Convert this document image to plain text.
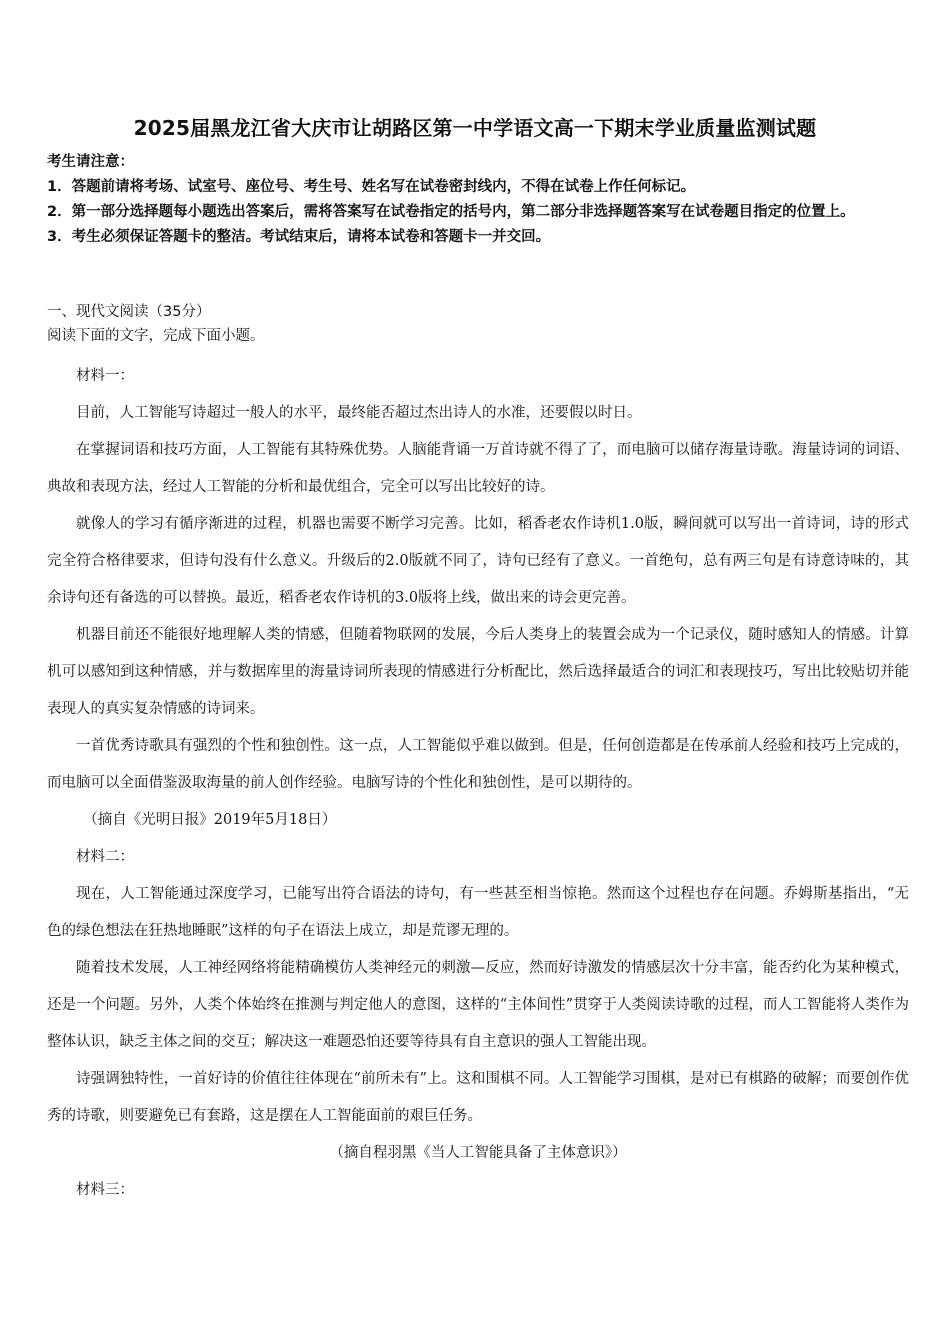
2025届黑龙江省大庆市让胡路区第一中学语文高一下期末学业质量监测试题

考生请注意：

1．答题前请将考场、试室号、座位号、考生号、姓名写在试卷密封线内，不得在试卷上作任何标记。

2．第一部分选择题每小题选出答案后，需将答案写在试卷指定的括号内，第二部分非选择题答案写在试卷题目指定的位置上。

3．考生必须保证答题卡的整洁。考试结束后，请将本试卷和答题卡一并交回。

一、现代文阅读（35分）
阅读下面的文字，完成下面小题。

材料一：

目前，人工智能写诗超过一般人的水平，最终能否超过杰出诗人的水准，还要假以时日。

在掌握词语和技巧方面，人工智能有其特殊优势。人脑能背诵一万首诗就不得了了，而电脑可以储存海量诗歌。海量诗词的词语、典故和表现方法，经过人工智能的分析和最优组合，完全可以写出比较好的诗。

就像人的学习有循序渐进的过程，机器也需要不断学习完善。比如，稻香老农作诗机1.0版，瞬间就可以写出一首诗词，诗的形式完全符合格律要求，但诗句没有什么意义。升级后的2.0版就不同了，诗句已经有了意义。一首绝句，总有两三句是有诗意诗味的，其余诗句还有备选的可以替换。最近，稻香老农作诗机的3.0版将上线，做出来的诗会更完善。

机器目前还不能很好地理解人类的情感，但随着物联网的发展，今后人类身上的装置会成为一个记录仪，随时感知人的情感。计算机可以感知到这种情感，并与数据库里的海量诗词所表现的情感进行分析配比，然后选择最适合的词汇和表现技巧，写出比较贴切并能表现人的真实复杂情感的诗词来。

一首优秀诗歌具有强烈的个性和独创性。这一点，人工智能似乎难以做到。但是，任何创造都是在传承前人经验和技巧上完成的，而电脑可以全面借鉴汲取海量的前人创作经验。电脑写诗的个性化和独创性，是可以期待的。

（摘自《光明日报》2019年5月18日）

材料二：

现在，人工智能通过深度学习，已能写出符合语法的诗句，有一些甚至相当惊艳。然而这个过程也存在问题。乔姆斯基指出，“无色的绿色想法在狂热地睡眠”这样的句子在语法上成立，却是荒谬无理的。

随着技术发展，人工神经网络将能精确模仿人类神经元的刺激—反应，然而好诗激发的情感层次十分丰富，能否约化为某种模式，还是一个问题。另外，人类个体始终在推测与判定他人的意图，这样的“主体间性”贯穿于人类阅读诗歌的过程，而人工智能将人类作为整体认识，缺乏主体之间的交互；解决这一难题恐怕还要等待具有自主意识的强人工智能出现。

诗强调独特性，一首好诗的价值往往体现在“前所未有”上。这和围棋不同。人工智能学习围棋，是对已有棋路的破解；而要创作优秀的诗歌，则要避免已有套路，这是摆在人工智能面前的艰巨任务。

（摘自程羽黑《当人工智能具备了主体意识》）

材料三：
